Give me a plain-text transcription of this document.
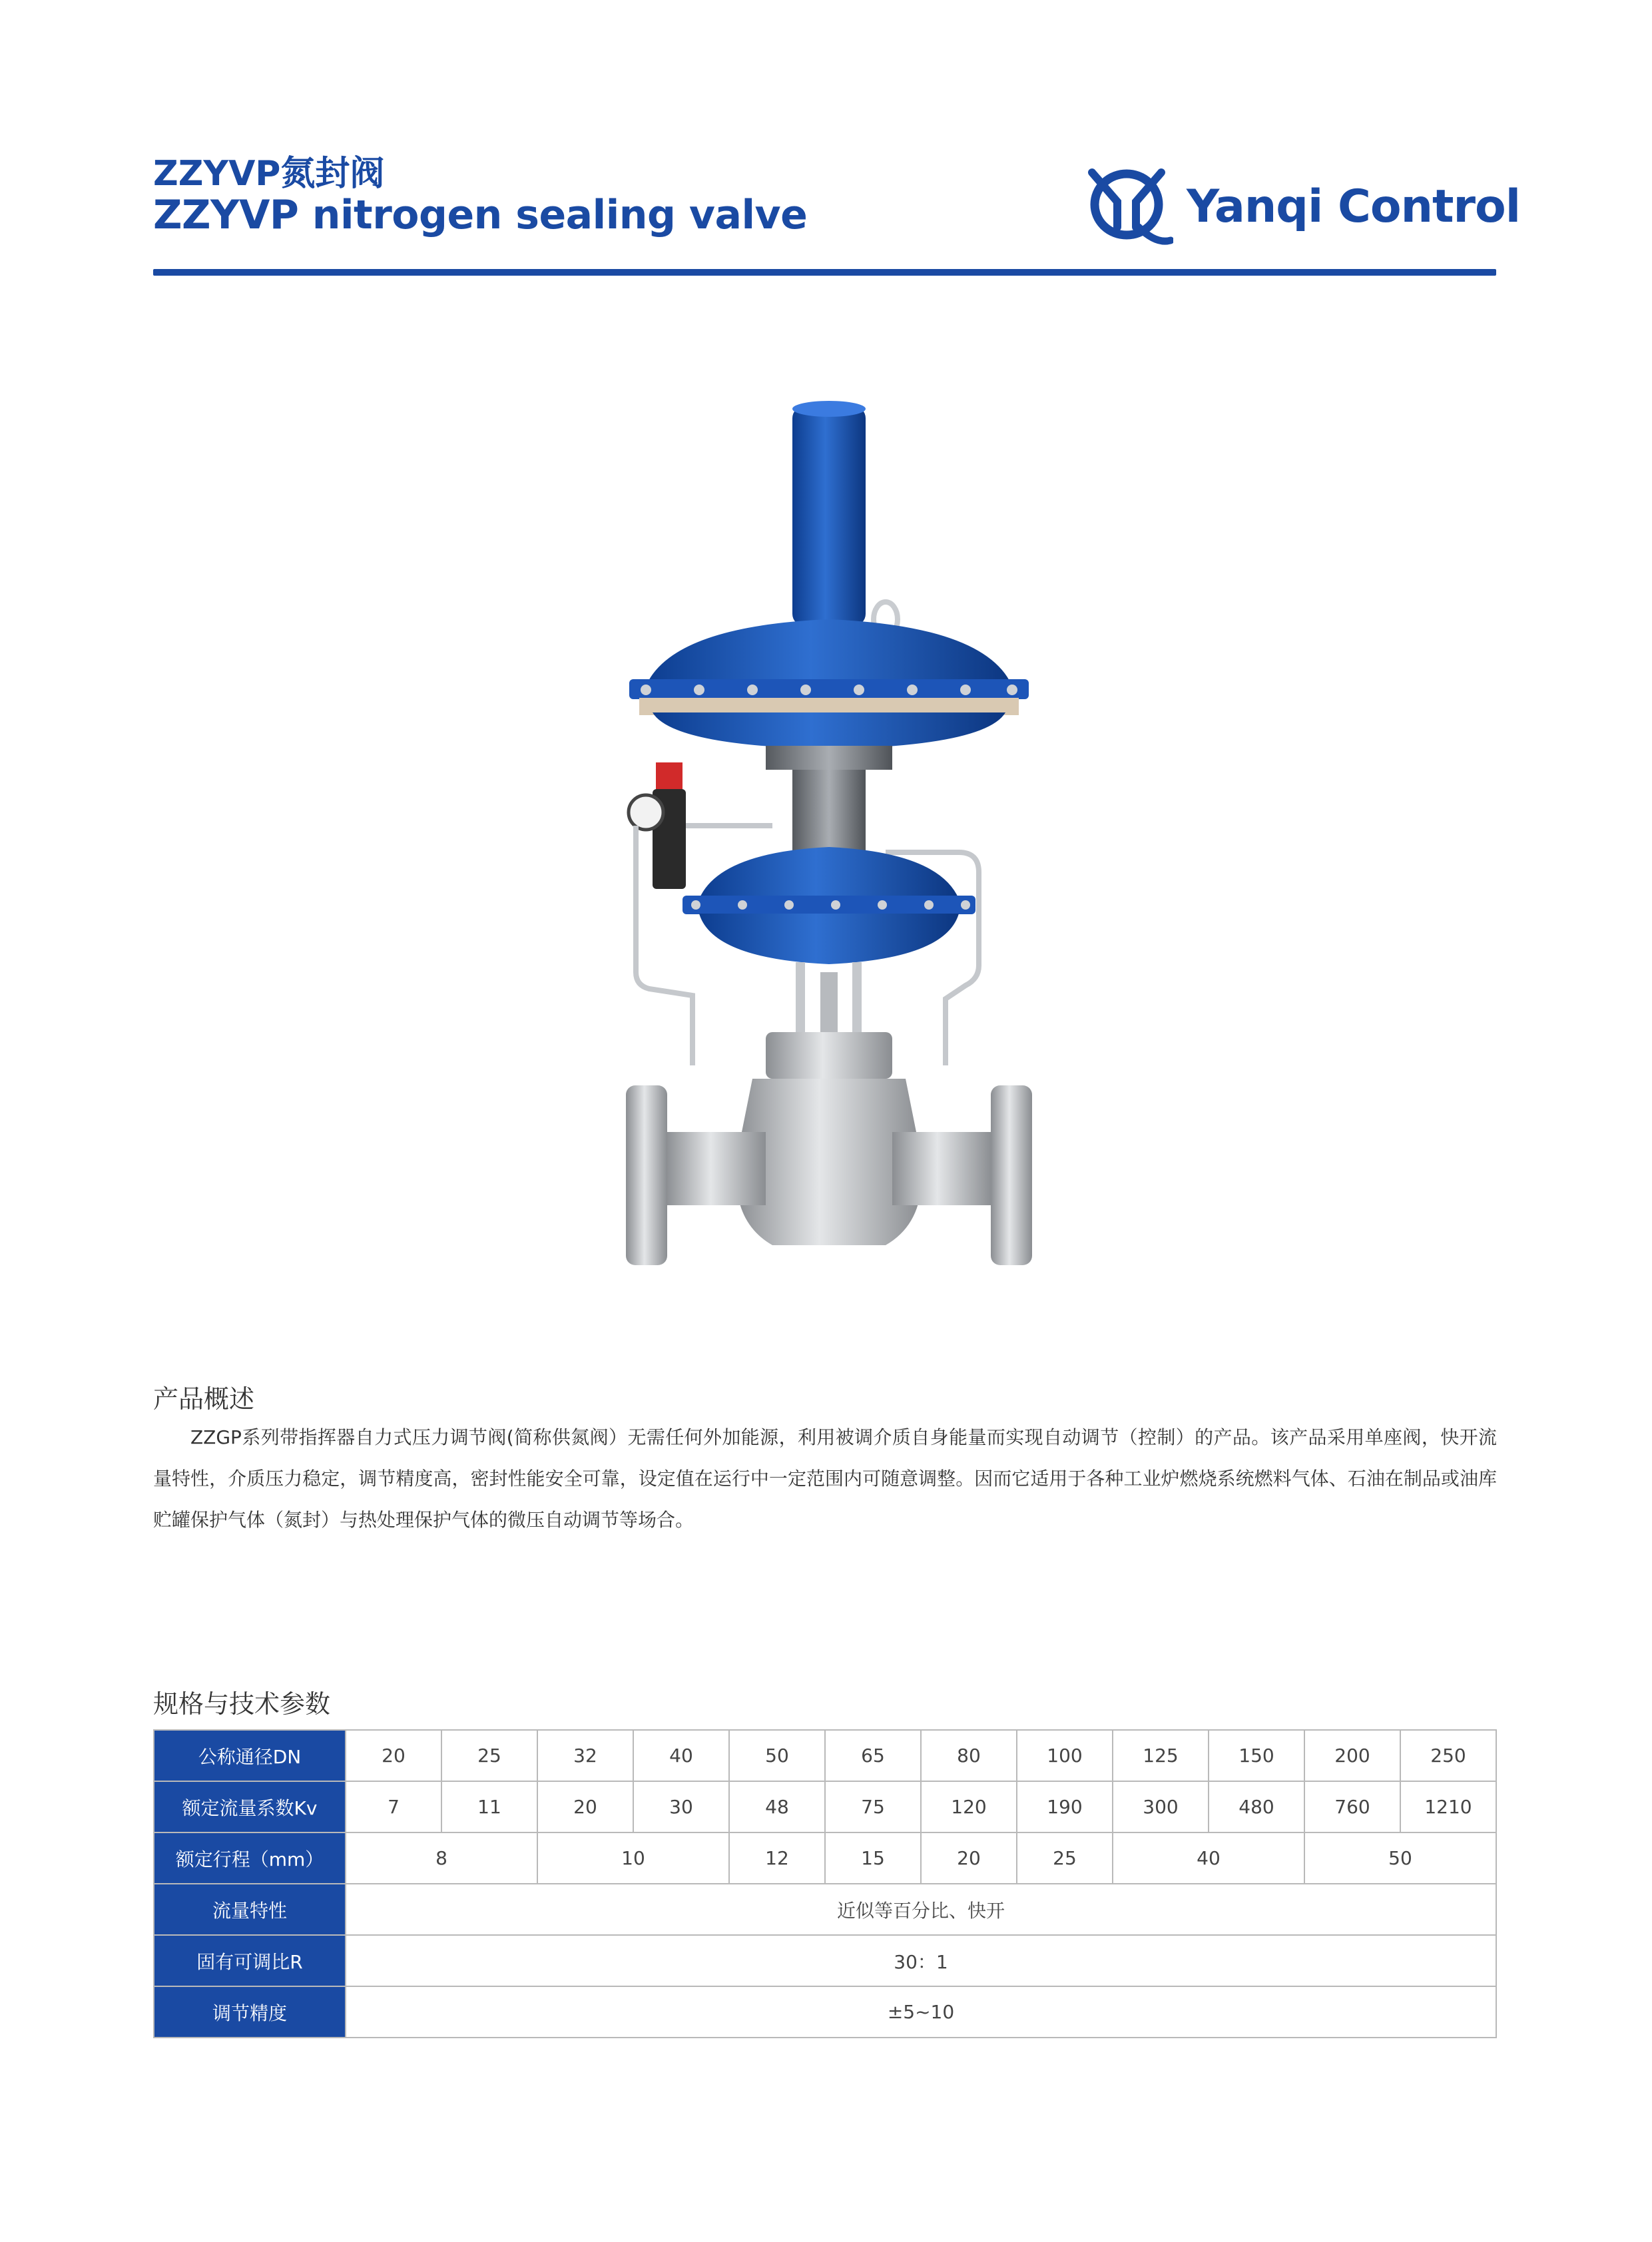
ZZYVP氮封阀

ZZYVP nitrogen sealing valve	Yanqi Control
产品概述
ZZGP系列带指挥器自力式压力调节阀(简称供氮阀）无需任何外加能源，利用被调介质自身能量而实现自动调节（控制）的产品。该产品采用单座阀，快开流量特性，介质压力稳定，调节精度高，密封性能安全可靠，设定值在运行中一定范围内可随意调整。因而它适用于各种工业炉燃烧系统燃料气体、石油在制品或油库贮罐保护气体（氮封）与热处理保护气体的微压自动调节等场合。
规格与技术参数
公称通径DN	20	25	32	40	50	65	80	100	125	150	200	250
额定流量系数Kv	7	11	20	30	48	75	120	190	300	480	760	1210
额定行程（mm）	8		10		12	15	20	25	40		50	
流量特性	近似等百分比、快开											
固有可调比R	30：1											
调节精度	±5~10											
